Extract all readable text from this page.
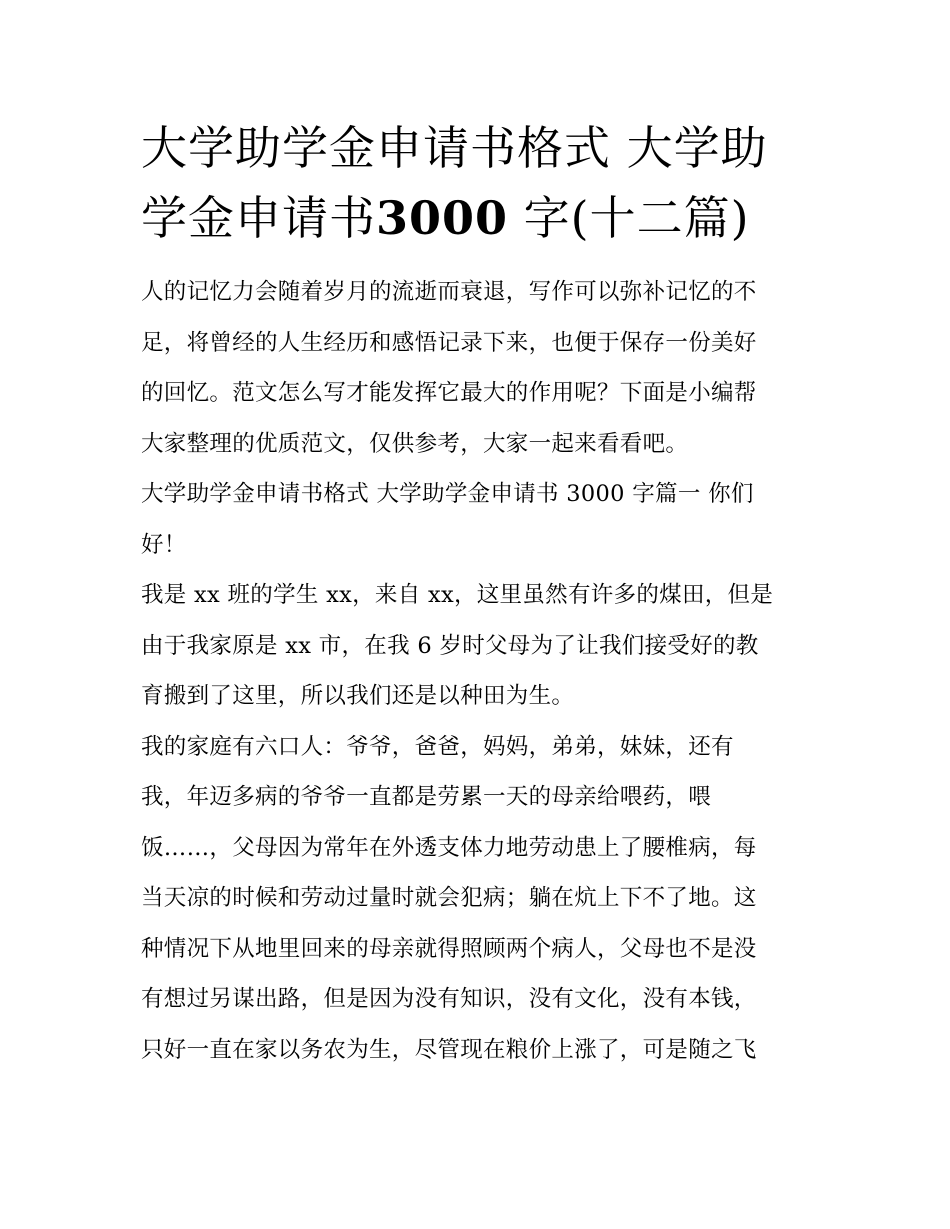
大学助学金申请书格式 大学助
学金申请书3000 字(十二篇)

人的记忆力会随着岁月的流逝而衰退，写作可以弥补记忆的不
足，将曾经的人生经历和感悟记录下来，也便于保存一份美好
的回忆。范文怎么写才能发挥它最大的作用呢？下面是小编帮
大家整理的优质范文，仅供参考，大家一起来看看吧。

大学助学金申请书格式 大学助学金申请书 3000 字篇一 你们
好！

我是 xx 班的学生 xx，来自 xx，这里虽然有许多的煤田，但是
由于我家原是 xx 市，在我 6 岁时父母为了让我们接受好的教
育搬到了这里，所以我们还是以种田为生。

我的家庭有六口人：爷爷，爸爸，妈妈，弟弟，妹妹，还有
我，年迈多病的爷爷一直都是劳累一天的母亲给喂药，喂
饭……，父母因为常年在外透支体力地劳动患上了腰椎病，每
当天凉的时候和劳动过量时就会犯病；躺在炕上下不了地。这
种情况下从地里回来的母亲就得照顾两个病人，父母也不是没
有想过另谋出路，但是因为没有知识，没有文化，没有本钱，
只好一直在家以务农为生，尽管现在粮价上涨了，可是随之飞
